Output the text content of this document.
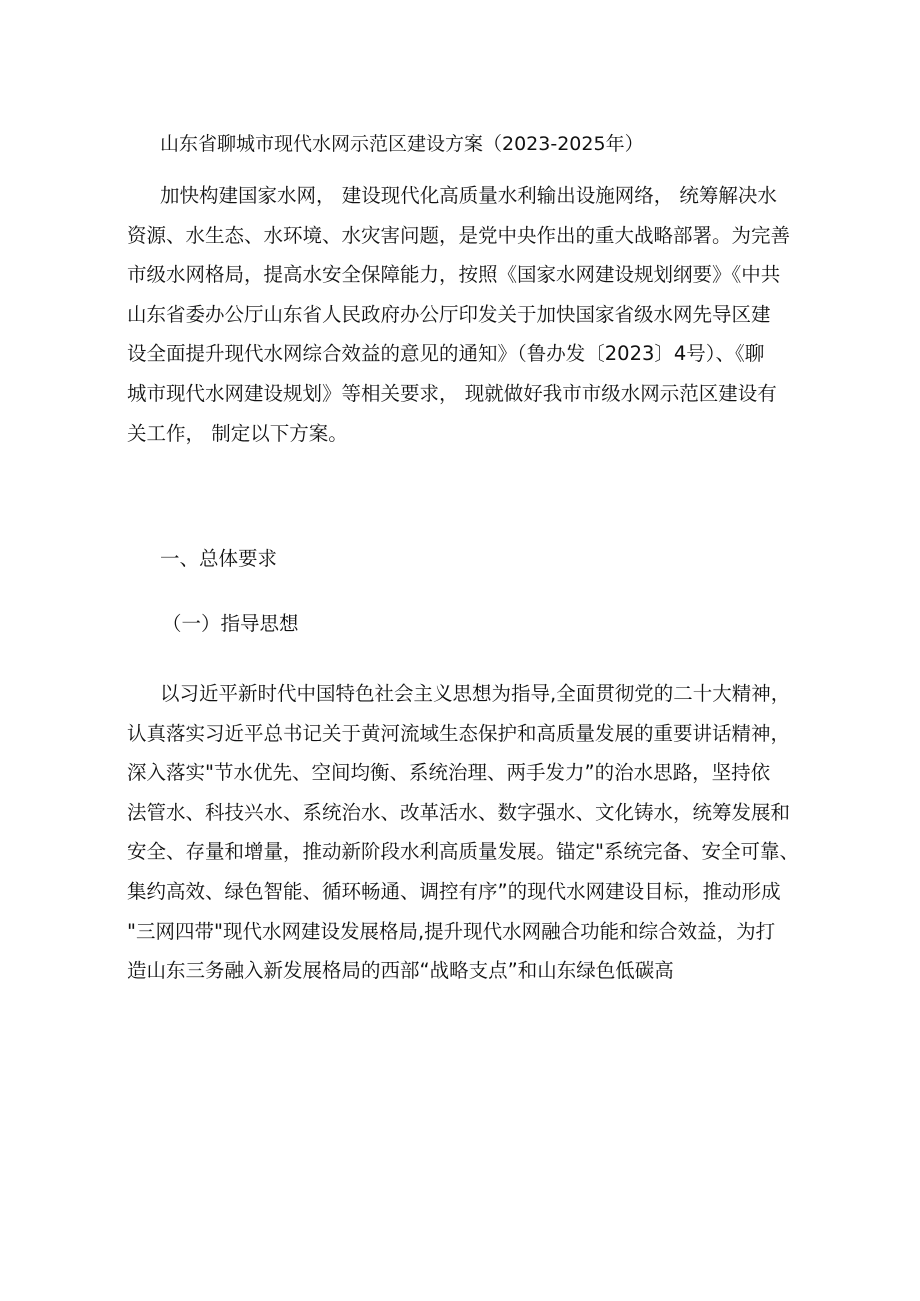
山东省聊城市现代水网示范区建设方案（2023-2025年）
加快构建国家水网， 建设现代化高质量水利输出设施网络， 统筹解决水
资源、水生态、水环境、水灾害问题，是党中央作出的重大战略部署。为完善
市级水网格局，提高水安全保障能力，按照《国家水网建设规划纲要》《中共
山东省委办公厅山东省人民政府办公厅印发关于加快国家省级水网先导区建
设全面提升现代水网综合效益的意见的通知》（鲁办发〔2023〕4号）、《聊
城市现代水网建设规划》等相关要求， 现就做好我市市级水网示范区建设有
关工作， 制定以下方案。
一、总体要求
（一）指导思想
以习近平新时代中国特色社会主义思想为指导,全面贯彻党的二十大精神，
认真落实习近平总书记关于黄河流域生态保护和高质量发展的重要讲话精神，
深入落实"节水优先、空间均衡、系统治理、两手发力”的治水思路，坚持依
法管水、科技兴水、系统治水、改革活水、数字强水、文化铸水，统筹发展和
安全、存量和增量，推动新阶段水利高质量发展。锚定"系统完备、安全可靠、
集约高效、绿色智能、循环畅通、调控有序”的现代水网建设目标，推动形成
"三网四带"现代水网建设发展格局,提升现代水网融合功能和综合效益，为打
造山东三务融入新发展格局的西部“战略支点”和山东绿色低碳高
